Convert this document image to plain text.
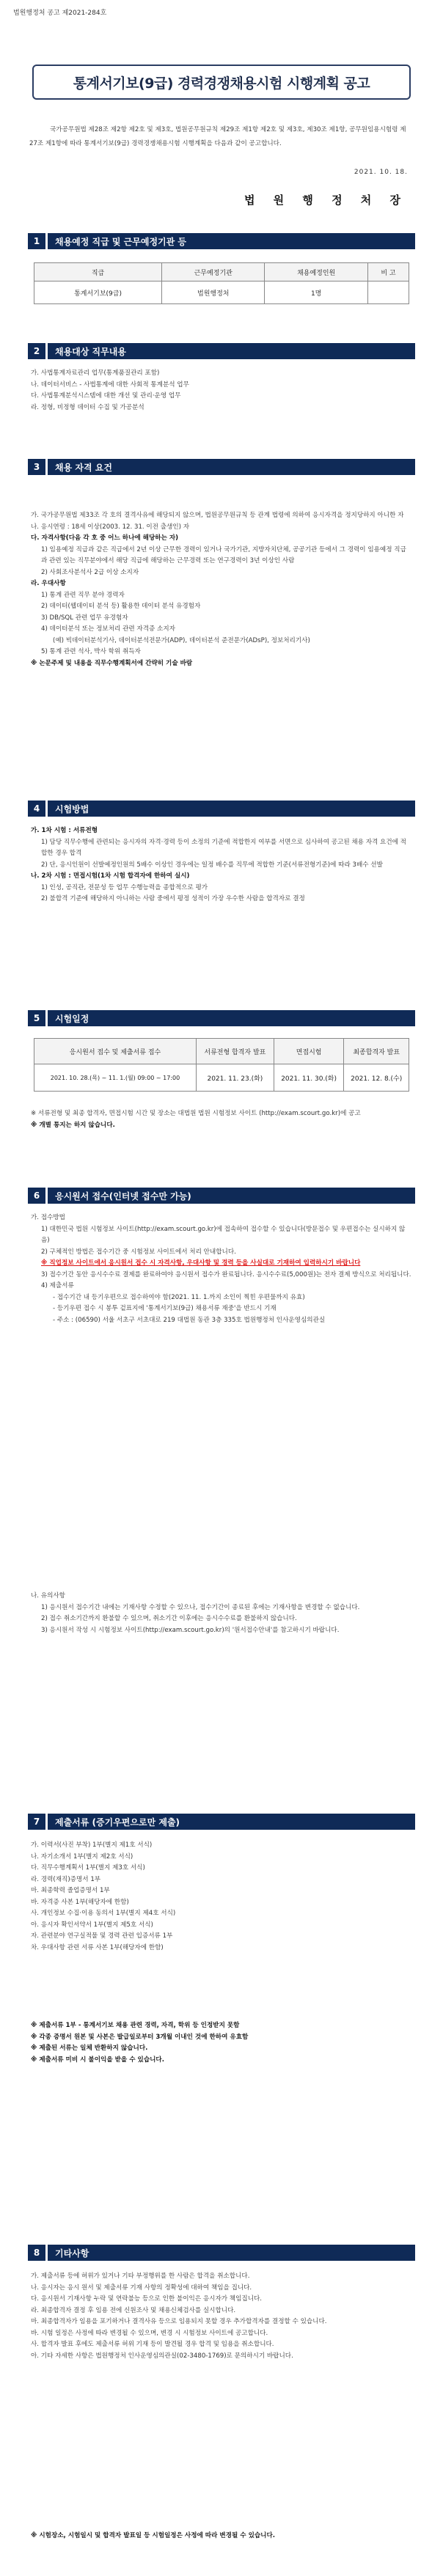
법원행정처 공고 제2021-284호
통계서기보(9급) 경력경쟁채용시험 시행계획 공고
국가공무원법 제28조 제2항 제2호 및 제3호, 법원공무원규칙 제29조 제1항 제2호 및 제3호, 제30조 제1항, 공무원임용시험령 제27조 제1항에 따라 통계서기보(9급) 경력경쟁채용시험 시행계획을 다음과 같이 공고합니다.
2021. 10. 18.
법 원 행 정 처 장
1	채용예정 직급 및 근무예정기관 등
직급	근무예정기관	채용예정인원	비 고
통계서기보(9급)	법원행정처	1명	
2	채용대상 직무내용

가. 사법통계자료관리 업무(통계품질관리 포함)

나. 데이터서비스 - 사법통계에 대한 사회적 통계분석 업무

다. 사법통계분석시스템에 대한 개선 및 관리·운영 업무

라. 정형, 비정형 데이터 수집 및 가공분석

3	채용 자격 요건

가. 국가공무원법 제33조 각 호의 결격사유에 해당되지 않으며, 법원공무원규칙 등 관계 법령에 의하여 응시자격을 정지당하지 아니한 자

나. 응시연령 : 18세 이상(2003. 12. 31. 이전 출생인) 자

다. 자격사항(다음 각 호 중 어느 하나에 해당하는 자)

1) 임용예정 직급과 같은 직급에서 2년 이상 근무한 경력이 있거나 국가기관, 지방자치단체, 공공기관 등에서 그 경력이 임용예정 직급과 관련 있는 직무분야에서 해당 직급에 해당하는 근무경력 또는 연구경력이 3년 이상인 사람

2) 사회조사분석사 2급 이상 소지자

라. 우대사항

1) 통계 관련 직무 분야 경력자

2) 데이터(웹데이터 분석 등) 활용한 데이터 분석 유경험자

3) DB/SQL 관련 업무 유경험자

4) 데이터분석 또는 정보처리 관련 자격증 소지자

(예) 빅데이터분석기사, 데이터분석전문가(ADP), 데이터분석 준전문가(ADsP), 정보처리기사)

5) 통계 관련 석사, 박사 학위 취득자

※ 논문주제 및 내용을 직무수행계획서에 간략히 기술 바람

4	시험방법

가. 1차 시험 : 서류전형

1) 담당 직무수행에 관련되는 응시자의 자격·경력 등이 소정의 기준에 적합한지 여부를 서면으로 심사하여 공고된 채용 자격 요건에 적합한 경우 합격

2) 단, 응시인원이 선발예정인원의 5배수 이상인 경우에는 일정 배수를 직무에 적합한 기준(서류전형기준)에 따라 3배수 선발

나. 2차 시험 : 면접시험(1차 시험 합격자에 한하여 실시)

1) 인성, 공직관, 전문성 등 업무 수행능력을 종합적으로 평가

2) 불합격 기준에 해당하지 아니하는 사람 중에서 평정 성적이 가장 우수한 사람을 합격자로 결정

5	시험일정
응시원서 접수 및 제출서류 접수	서류전형 합격자 발표	면접시험	최종합격자 발표
2021. 10. 28.(목) ~ 11. 1.(월) 09:00 ~ 17:00	2021. 11. 23.(화)	2021. 11. 30.(화)	2021. 12. 8.(수)

※ 서류전형 및 최종 합격자, 면접시험 시간 및 장소는 대법원 법원 시험정보 사이트 (http://exam.scourt.go.kr)에 공고

※ 개별 통지는 하지 않습니다.

6	응시원서 접수(인터넷 접수만 가능)

가. 접수방법

1) 대한민국 법원 시험정보 사이트(http://exam.scourt.go.kr)에 접속하여 접수할 수 있습니다(방문접수 및 우편접수는 실시하지 않음)

2) 구체적인 방법은 접수기간 중 시험정보 사이트에서 처리 안내합니다.

※ 직업정보 사이트에서 응시원서 접수 시 자격사항, 우대사항 및 경력 등을 사실대로 기재하여 입력하시기 바랍니다

3) 접수기간 동안 응시수수료 결제를 완료하여야 응시원서 접수가 완료됩니다. 응시수수료(5,000원)는 전자 결제 방식으로 처리됩니다.

4) 제출서류

- 접수기간 내 등기우편으로 접수하여야 함(2021. 11. 1.까지 소인이 찍힌 우편물까지 유효)

- 등기우편 접수 시 봉투 겉표지에 '통계서기보(9급) 채용서류 재중'을 반드시 기재

- 주소 : (06590) 서울 서초구 서초대로 219 대법원 동관 3층 335호 법원행정처 인사운영심의관실

나. 유의사항

1) 응시원서 접수기간 내에는 기재사항 수정할 수 있으나, 접수기간이 종료된 후에는 기재사항을 변경할 수 없습니다.

2) 접수 취소기간까지 환불할 수 있으며, 취소기간 이후에는 응시수수료를 환불하지 않습니다.

3) 응시원서 작성 시 시험정보 사이트(http://exam.scourt.go.kr)의 '원서접수안내'를 참고하시기 바랍니다.

7	제출서류 (증기우편으로만 제출)

가. 이력서(사진 부착) 1부(별지 제1호 서식)

나. 자기소개서 1부(별지 제2호 서식)

다. 직무수행계획서 1부(별지 제3호 서식)

라. 경력(재직)증명서 1부

마. 최종학력 졸업증명서 1부

바. 자격증 사본 1부(해당자에 한함)

사. 개인정보 수집·이용 동의서 1부(별지 제4호 서식)

아. 응시자 확인서약서 1부(별지 제5호 서식)

자. 관련분야 연구실적물 및 경력 관련 입증서류 1부

차. 우대사항 관련 서류 사본 1부(해당자에 한함)

※ 제출서류 1부 - 통계서기보 채용 관련 경력, 자격, 학위 등 인정받지 못함

※ 각종 증명서 원본 및 사본은 발급일로부터 3개월 이내인 것에 한하여 유효함

※ 제출된 서류는 일체 반환하지 않습니다.

※ 제출서류 미비 시 불이익을 받을 수 있습니다.

8	기타사항

가. 제출서류 등에 허위가 있거나 기타 부정행위를 한 사람은 합격을 취소합니다.

나. 응시자는 응시 원서 및 제출서류 기재 사항의 정확성에 대하여 책임을 집니다.

다. 응시원서 기재사항 누락 및 연락불능 등으로 인한 불이익은 응시자가 책임집니다.

라. 최종합격자 결정 후 임용 전에 신원조사 및 채용신체검사를 실시합니다.

마. 최종합격자가 임용을 포기하거나 결격사유 등으로 임용되지 못할 경우 추가합격자를 결정할 수 있습니다.

바. 시험 일정은 사정에 따라 변경될 수 있으며, 변경 시 시험정보 사이트에 공고합니다.

사. 합격자 발표 후에도 제출서류 허위 기재 등이 발견될 경우 합격 및 임용을 취소합니다.

아. 기타 자세한 사항은 법원행정처 인사운영심의관실(02-3480-1769)로 문의하시기 바랍니다.

※ 시험장소, 시험일시 및 합격자 발표일 등 시험일정은 사정에 따라 변경될 수 있습니다.
